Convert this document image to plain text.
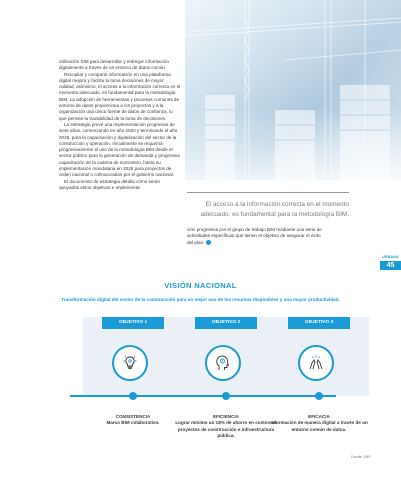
utilización SIM para desarrollar y entregar información digitalmente a través de un entorno de datos común.

Recopilar y compartir información en una plataforma digital mejora y facilita la toma decisiones de mayor calidad, asimismo, el acceso a la información correcta en el momento adecuado, es fundamental para la metodología BIM. La adopción de herramientas y procesos comunes de entorno de datos proporciona a los proyectos y a la organización una única fuente de datos de confianza, lo que permite la trazabilidad de la toma de decisiones.

La estrategia prevé una implementación progresiva de siete años, comenzando en año 2020 y terminando el año 2026, para la capacitación y digitalización del sector de la construcción y operación. Inicialmente se requerirá progresivamente el uso de la metodología BIM desde el sector público para la generación de demanda y progresiva capacitación de la cadena de suministro, hasta su implementación mandataria en 2026 para proyectos de orden nacional o cofinanciados por el gobierno nacional.

El documento de estrategia detalla cómo serán apoyados estos objetivos e implementa-

El acceso a la información correcta en el momento adecuado, es fundamental para la metodología BIM.

ción progresiva por el grupo de trabajo BIM mediante una serie de actividades específicas que tienen el objetivo de asegurar el éxito del plan.

URBANA
45
VISIÓN NACIONAL
Transformación digital del sector de la construcción para un mejor uso de los recursos disponibles y una mayor productividad.
OBJETIVO 1	OBJETIVO 2	OBJETIVO 3
CONSISTENCIA
Marco BIM colaborativo.
EFICIENCIA
Lograr mínimo un 18% de ahorro en costos en proyectos de construcción e infraestructura pública.
EFICACIA
Información de manera digital a través de un entorno común de datos.
Fuente: DNP
